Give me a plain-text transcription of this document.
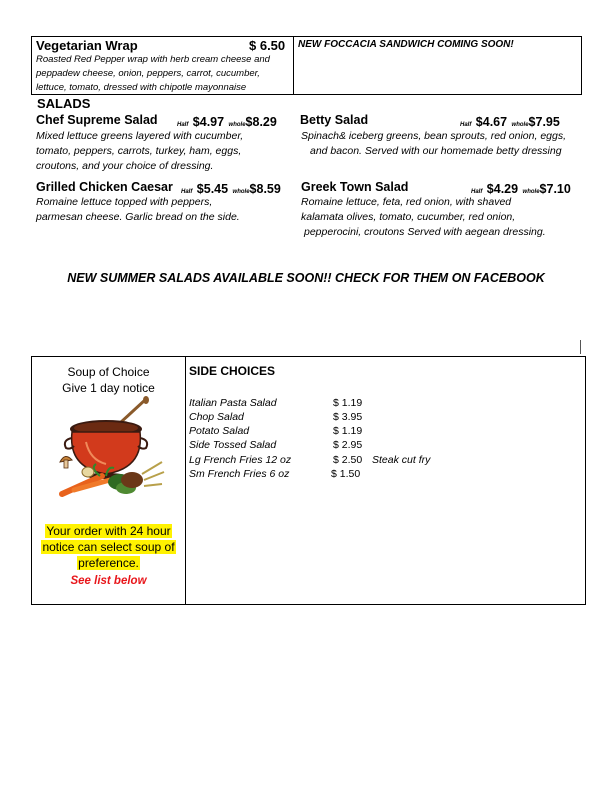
Vegetarian Wrap	$ 6.50
Roasted Red Pepper wrap with herb cream cheese and
peppadew cheese, onion, peppers, carrot, cucumber,
lettuce, tomato, dressed with chipotle mayonnaise
NEW FOCCACIA SANDWICH COMING SOON!
SALADS
Chef Supreme Salad	Half $4.97 whole$8.29
Mixed lettuce greens layered with cucumber,
tomato, peppers, carrots, turkey, ham, eggs,
croutons, and your choice of dressing.
Betty Salad	Half $4.67 whole$7.95
Spinach& iceberg greens, bean sprouts, red onion, eggs,
and bacon. Served with our homemade betty dressing
Grilled Chicken Caesar Half $5.45 whole$8.59
Romaine lettuce topped with peppers,
parmesan cheese. Garlic bread on the side.
Greek Town Salad	Half $4.29 whole$7.10
Romaine lettuce, feta, red onion, with shaved
kalamata olives, tomato, cucumber, red onion,
pepperocini, croutons Served with aegean dressing.
NEW SUMMER SALADS AVAILABLE SOON!! CHECK FOR THEM ON FACEBOOK
Soup of Choice
Give 1 day notice
Your order with 24 hour
notice can select soup of
preference.
See list below
SIDE CHOICES
Italian Pasta Salad	$ 1.19
Chop Salad	$ 3.95
Potato Salad	$ 1.19
Side Tossed Salad	$ 2.95
Lg French Fries 12 oz	$ 2.50 Steak cut fry
Sm French Fries 6 oz	$ 1.50
